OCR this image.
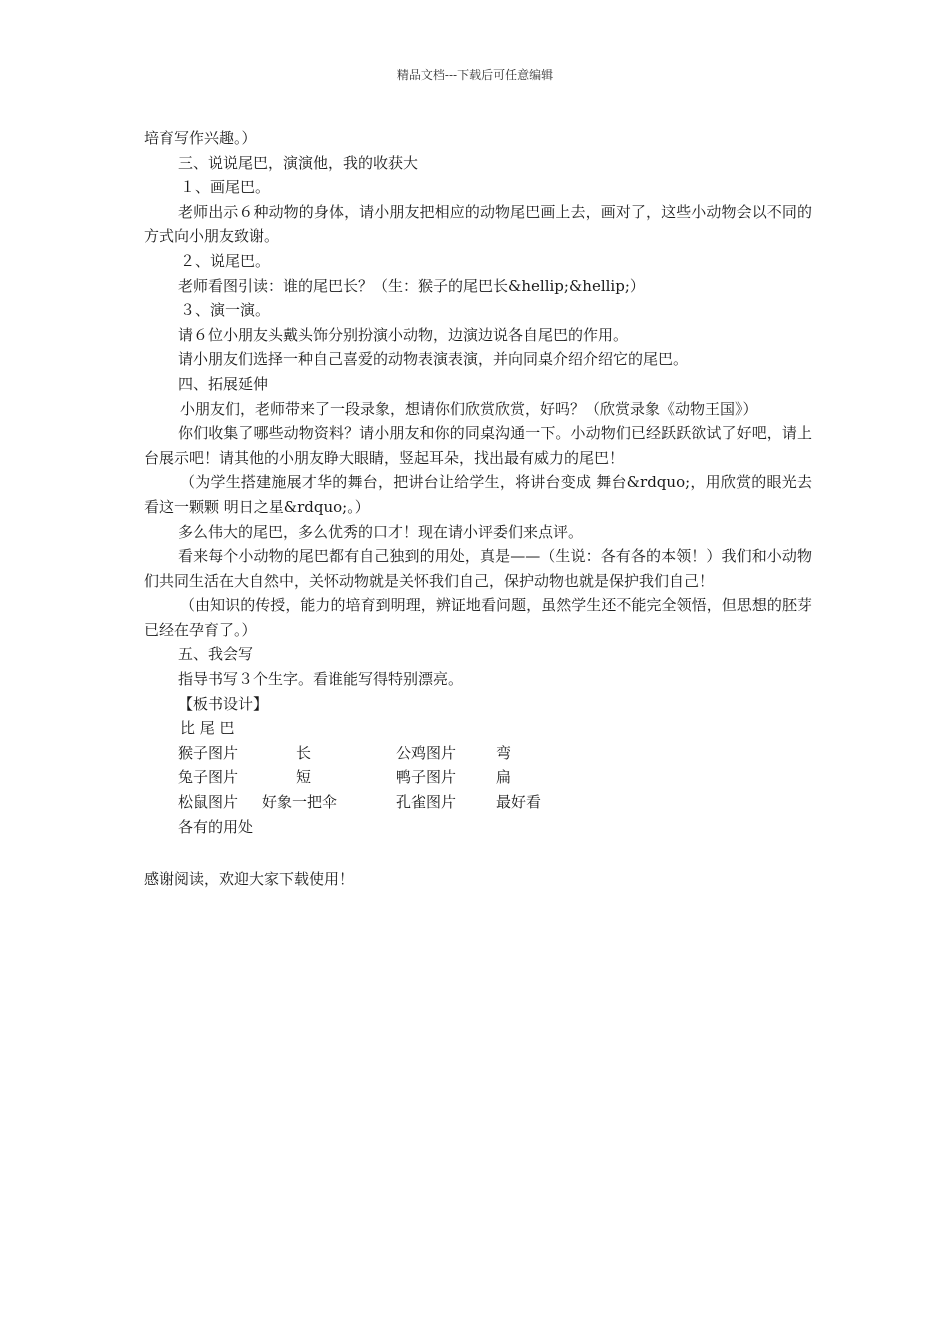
精品文档---下载后可任意编辑

培育写作兴趣。）

三、说说尾巴，演演他，我的收获大

１、画尾巴。

老师出示６种动物的身体，请小朋友把相应的动物尾巴画上去，画对了，这些小动物会以不同的方式向小朋友致谢。

２、说尾巴。

老师看图引读：谁的尾巴长？（生：猴子的尾巴长&hellip;&hellip;）

３、演一演。

请６位小朋友头戴头饰分别扮演小动物，边演边说各自尾巴的作用。

请小朋友们选择一种自己喜爱的动物表演表演，并向同桌介绍介绍它的尾巴。

四、拓展延伸

小朋友们，老师带来了一段录象，想请你们欣赏欣赏，好吗？（欣赏录象《动物王国》）

你们收集了哪些动物资料？请小朋友和你的同桌沟通一下。小动物们已经跃跃欲试了好吧，请上台展示吧！请其他的小朋友睁大眼睛，竖起耳朵，找出最有威力的尾巴！

（为学生搭建施展才华的舞台，把讲台让给学生，将讲台变成 舞台&rdquo;，用欣赏的眼光去看这一颗颗 明日之星&rdquo;。）

多么伟大的尾巴，多么优秀的口才！现在请小评委们来点评。

看来每个小动物的尾巴都有自己独到的用处，真是——（生说：各有各的本领！）我们和小动物们共同生活在大自然中，关怀动物就是关怀我们自己，保护动物也就是保护我们自己！

（由知识的传授，能力的培育到明理，辨证地看问题，虽然学生还不能完全领悟，但思想的胚芽已经在孕育了。）

五、我会写

指导书写３个生字。看谁能写得特别漂亮。

【板书设计】

比 尾 巴
猴子图片	长	公鸡图片	弯
兔子图片	短	鸭子图片	扁
松鼠图片	好象一把伞	孔雀图片	最好看
各有的用处

感谢阅读，欢迎大家下载使用！
